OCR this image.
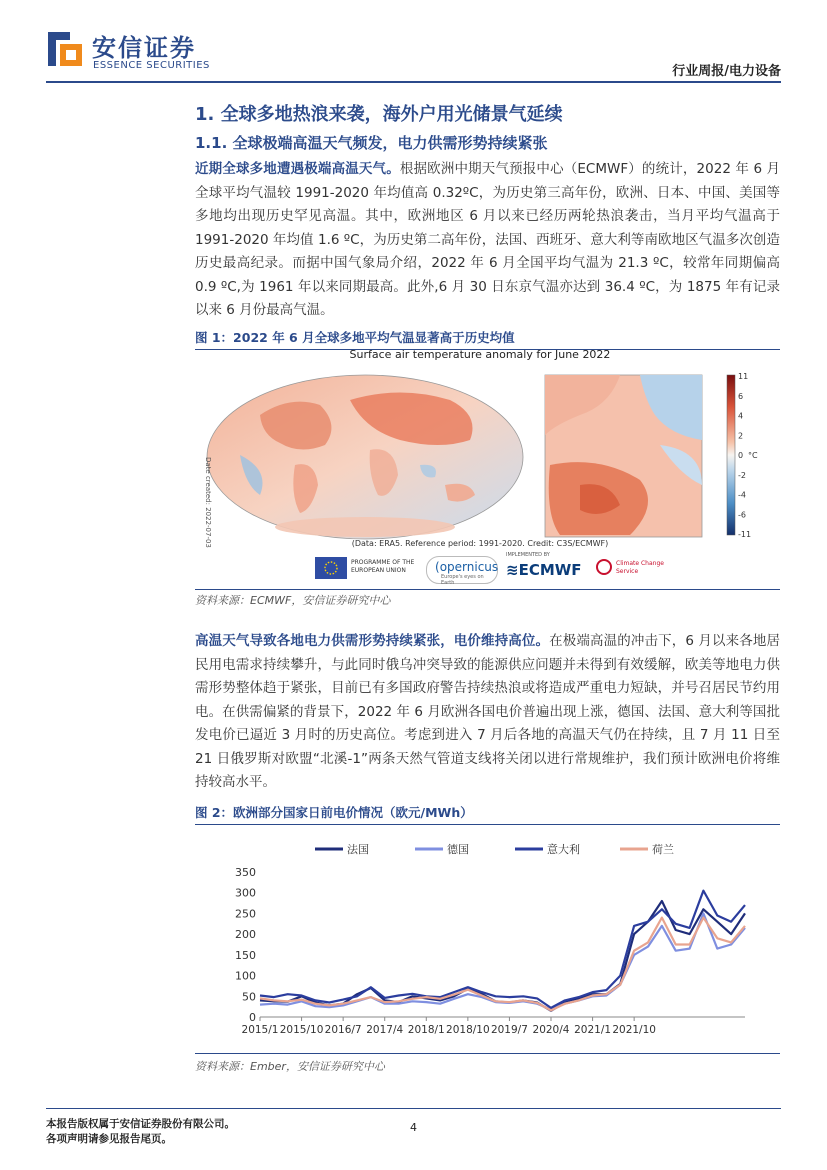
安信证券
ESSENCE SECURITIES	行业周报/电力设备
1. 全球多地热浪来袭，海外户用光储景气延续
1.1. 全球极端高温天气频发，电力供需形势持续紧张
近期全球多地遭遇极端高温天气。根据欧洲中期天气预报中心（ECMWF）的统计，2022 年 6 月全球平均气温较 1991-2020 年均值高 0.32ºC，为历史第三高年份，欧洲、日本、中国、美国等多地均出现历史罕见高温。其中，欧洲地区 6 月以来已经历两轮热浪袭击，当月平均气温高于 1991-2020 年均值 1.6 ºC，为历史第二高年份，法国、西班牙、意大利等南欧地区气温多次创造历史最高纪录。而据中国气象局介绍，2022 年 6 月全国平均气温为 21.3 ºC，较常年同期偏高 0.9 ºC,为 1961 年以来同期最高。此外,6 月 30 日东京气温亦达到 36.4 ºC，为 1875 年有记录以来 6 月份最高气温。
图 1：2022 年 6 月全球多地平均气温显著高于历史均值
Date created: 2022-07-03
11
6
4
2
0
-2
-4
-6
-11
°C
Surface air temperature anomaly for June 2022
(Data: ERA5. Reference period: 1991-2020. Credit: C3S/ECMWF)
PROGRAMME OF THE EUROPEAN UNION	(opernicus
Europe's eyes on Earth
IMPLEMENTED BY
≋ECMWF	Climate Change Service
资料来源：ECMWF，安信证券研究中心
高温天气导致各地电力供需形势持续紧张，电价维持高位。在极端高温的冲击下，6 月以来各地居民用电需求持续攀升，与此同时俄乌冲突导致的能源供应问题并未得到有效缓解，欧美等地电力供需形势整体趋于紧张，目前已有多国政府警告持续热浪或将造成严重电力短缺，并号召居民节约用电。在供需偏紧的背景下，2022 年 6 月欧洲各国电价普遍出现上涨，德国、法国、意大利等国批发电价已逼近 3 月时的历史高位。考虑到进入 7 月后各地的高温天气仍在持续，且 7 月 11 日至 21 日俄罗斯对欧盟“北溪-1”两条天然气管道支线将关闭以进行常规维护，我们预计欧洲电价将维持较高水平。
图 2：欧洲部分国家日前电价情况（欧元/MWh）
法国	德国	意大利	荷兰
0
50
100
150
200
250
300
350
2015/1 2015/10 2016/7 2017/4 2018/1 2018/10 2019/7 2020/4 2021/1 2021/10
资料来源：Ember，安信证券研究中心
本报告版权属于安信证券股份有限公司。
各项声明请参见报告尾页。
4
